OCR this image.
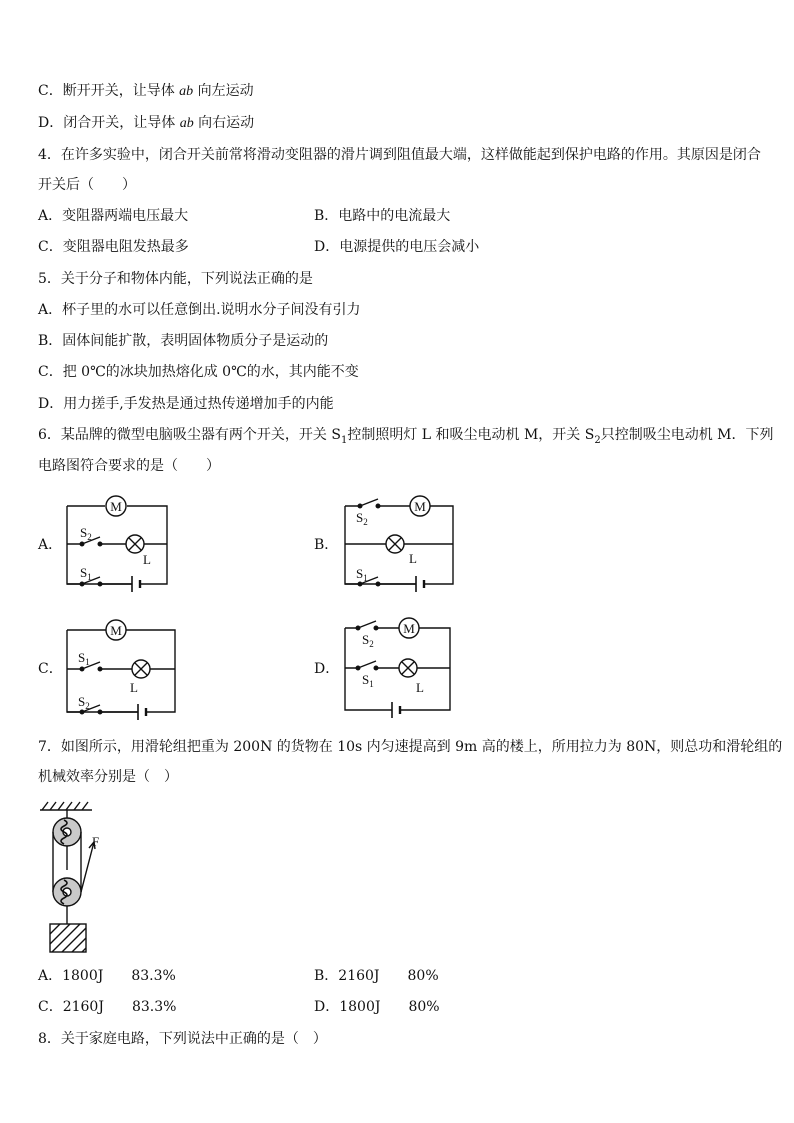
C．断开开关，让导体 ab 向左运动
D．闭合开关，让导体 ab 向右运动
4．在许多实验中，闭合开关前常将滑动变阻器的滑片调到阻值最大端，这样做能起到保护电路的作用。其原因是闭合
开关后（　　）
A．变阻器两端电压最大	B．电路中的电流最大
C．变阻器电阻发热最多	D．电源提供的电压会减小
5．关于分子和物体内能，下列说法正确的是
A．杯子里的水可以任意倒出.说明水分子间没有引力
B．固体间能扩散，表明固体物质分子是运动的
C．把 0℃的冰块加热熔化成 0℃的水，其内能不变
D．用力搓手,手发热是通过热传递增加手的内能
6．某品牌的微型电脑吸尘器有两个开关，开关 $S_1$控制照明灯 L 和吸尘电动机 M，开关 $S_2$只控制吸尘电动机 M．下列
电路图符合要求的是（　　）
A．
M
L
$S_2$
$S_1$
B．
M
L
$S_2$
$S_1$
C．
M
L
$S_1$
$S_2$
D．
M
L
$S_2$
$S_1$
7．如图所示，用滑轮组把重为 200N 的货物在 10s 内匀速提高到 9m 高的楼上，所用拉力为 80N，则总功和滑轮组的
机械效率分别是（　）
F
A．1800J　　83.3%	B．2160J　　80%
C．2160J　　83.3%	D．1800J　　80%
8．关于家庭电路，下列说法中正确的是（　）
